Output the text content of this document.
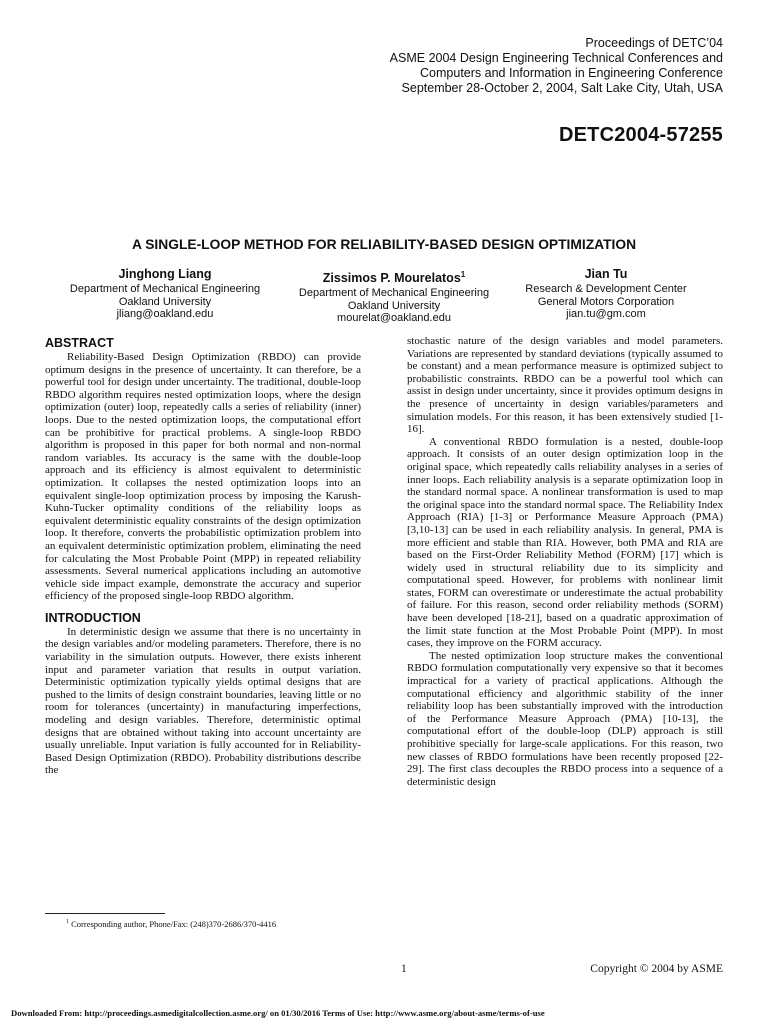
Proceedings of DETC’04
ASME 2004 Design Engineering Technical Conferences and
Computers and Information in Engineering Conference
September 28-October 2, 2004, Salt Lake City, Utah, USA
DETC2004-57255
A SINGLE-LOOP METHOD FOR RELIABILITY-BASED DESIGN OPTIMIZATION
Jinghong Liang
Department of Mechanical Engineering
Oakland University
jliang@oakland.edu
Zissimos P. Mourelatos$^1$
Department of Mechanical Engineering
Oakland University
mourelat@oakland.edu
Jian Tu
Research & Development Center
General Motors Corporation
jian.tu@gm.com
ABSTRACT

Reliability-Based Design Optimization (RBDO) can provide optimum designs in the presence of uncertainty. It can therefore, be a powerful tool for design under uncertainty. The traditional, double-loop RBDO algorithm requires nested optimization loops, where the design optimization (outer) loop, repeatedly calls a series of reliability (inner) loops. Due to the nested optimization loops, the computational effort can be prohibitive for practical problems. A single-loop RBDO algorithm is proposed in this paper for both normal and non-normal random variables. Its accuracy is the same with the double-loop approach and its efficiency is almost equivalent to deterministic optimization. It collapses the nested optimization loops into an equivalent single-loop optimization process by imposing the Karush-Kuhn-Tucker optimality conditions of the reliability loops as equivalent deterministic equality constraints of the design optimization loop. It therefore, converts the probabilistic optimization problem into an equivalent deterministic optimization problem, eliminating the need for calculating the Most Probable Point (MPP) in repeated reliability assessments. Several numerical applications including an automotive vehicle side impact example, demonstrate the accuracy and superior efficiency of the proposed single-loop RBDO algorithm.

INTRODUCTION

In deterministic design we assume that there is no uncertainty in the design variables and/or modeling parameters. Therefore, there is no variability in the simulation outputs. However, there exists inherent input and parameter variation that results in output variation. Deterministic optimization typically yields optimal designs that are pushed to the limits of design constraint boundaries, leaving little or no room for tolerances (uncertainty) in manufacturing imperfections, modeling and design variables. Therefore, deterministic optimal designs that are obtained without taking into account uncertainty are usually unreliable. Input variation is fully accounted for in Reliability-Based Design Optimization (RBDO). Probability distributions describe the

stochastic nature of the design variables and model parameters. Variations are represented by standard deviations (typically assumed to be constant) and a mean performance measure is optimized subject to probabilistic constraints. RBDO can be a powerful tool which can assist in design under uncertainty, since it provides optimum designs in the presence of uncertainty in design variables/parameters and simulation models. For this reason, it has been extensively studied [1-16].

A conventional RBDO formulation is a nested, double-loop approach. It consists of an outer design optimization loop in the original space, which repeatedly calls reliability analyses in a series of inner loops. Each reliability analysis is a separate optimization loop in the standard normal space. A nonlinear transformation is used to map the original space into the standard normal space. The Reliability Index Approach (RIA) [1-3] or Performance Measure Approach (PMA) [3,10-13] can be used in each reliability analysis. In general, PMA is more efficient and stable than RIA. However, both PMA and RIA are based on the First-Order Reliability Method (FORM) [17] which is widely used in structural reliability due to its simplicity and computational speed. However, for problems with nonlinear limit states, FORM can overestimate or underestimate the actual probability of failure. For this reason, second order reliability methods (SORM) have been developed [18-21], based on a quadratic approximation of the limit state function at the Most Probable Point (MPP). In most cases, they improve on the FORM accuracy.

The nested optimization loop structure makes the conventional RBDO formulation computationally very expensive so that it becomes impractical for a variety of practical applications. Although the computational efficiency and algorithmic stability of the inner reliability loop has been substantially improved with the introduction of the Performance Measure Approach (PMA) [10-13], the computational effort of the double-loop (DLP) approach is still prohibitive specially for large-scale applications. For this reason, two new classes of RBDO formulations have been recently proposed [22-29]. The first class decouples the RBDO process into a sequence of a deterministic design

$^1$ Corresponding author, Phone/Fax: (248)370-2686/370-4416
1	Copyright © 2004 by ASME
Downloaded From: http://proceedings.asmedigitalcollection.asme.org/ on 01/30/2016 Terms of Use: http://www.asme.org/about-asme/terms-of-use
